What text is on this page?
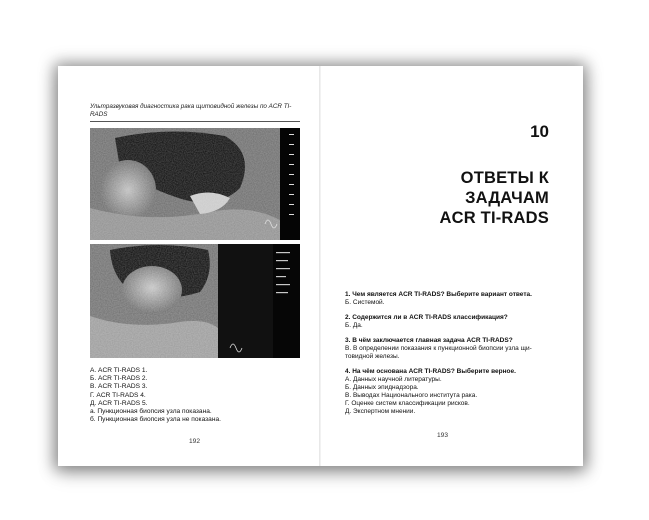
Ультразвуковая диагностика рака щитовидной железы по ACR TI-RADS
А. ACR TI-RADS 1.
Б. ACR TI-RADS 2.
В. ACR TI-RADS 3.
Г. ACR TI-RADS 4.
Д. ACR TI-RADS 5.
а. Пункционная биопсия узла показана.
б. Пункционная биопсия узла не показана.
192
10
ОТВЕТЫ К
ЗАДАЧАМ
ACR TI-RADS
1. Чем является ACR TI-RADS? Выберите вариант ответа.
Б. Системой.
2. Содержится ли в ACR TI-RADS классификация?
Б. Да.
3. В чём заключается главная задача ACR TI-RADS?
В. В определении показания к пункционной биопсии узла щи-
товидной железы.
4. На чём основана ACR TI-RADS? Выберите верное.
А. Данных научной литературы.
Б. Данных эпиднадзора.
В. Выводах Национального института рака.
Г. Оценке систем классификации рисков.
Д. Экспертном мнении.
193
